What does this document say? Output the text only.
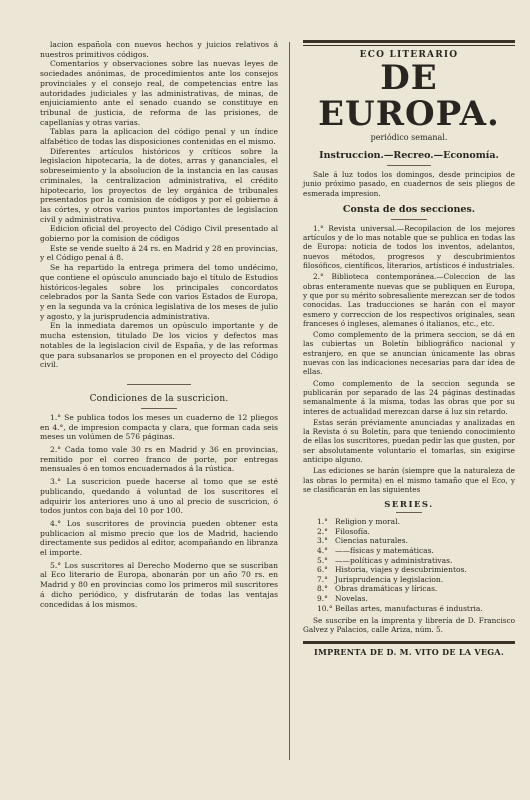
lacion española con nuevos hechos y juicios relativos á nuestros primitivos códigos.

Comentarios y observaciones sobre las nuevas leyes de sociedades anónimas, de procedimientos ante los consejos provinciales y el consejo real, de competencias entre las autoridades judiciales y las administrativas, de minas, de enjuiciamiento ante el senado cuando se constituye en tribunal de justicia, de reforma de las prisiones, de capellanías y otras varias.

Tablas para la aplicacion del código penal y un índice alfabético de todas las disposiciones contenidas en el mismo.

Diferentes artículos históricos y críticos sobre la legislacion hipotecaria, la de dotes, arras y gananciales, el sobreseimiento y la absolucion de la instancia en las causas criminales, la centralizacion administrativa, el crédito hipotecario, los proyectos de ley orgánica de tribunales presentados por la comision de códigos y por el gobierno á las córtes, y otros varios puntos importantes de legislacion civil y administrativa.

Edicion oficial del proyecto del Código Civil presentado al gobierno por la comision de códigos

Este se vende suelto á 24 rs. en Madrid y 28 en provincias, y el Código penal á 8.

Se ha repartido la entrega primera del tomo undécimo, que contiene el opúsculo anunciado bajo el título de Estudios históricos-legales sobre los principales concordatos celebrados por la Santa Sede con varios Estados de Europa, y en la segunda va la crónica legislativa de los meses de julio y agosto, y la jurisprudencia administrativa.

En la inmediata daremos un opúsculo importante y de mucha estension, titulado De los vicios y defectos mas notables de la legislacion civil de España, y de las reformas que para subsanarlos se proponen en el proyecto del Código civil.

Condiciones de la suscricion.

1.° Se publica todos los meses un cuaderno de 12 pliegos en 4.°, de impresion compacta y clara, que forman cada seis meses un volúmen de 576 páginas.

2.° Cada tomo vale 30 rs en Madrid y 36 en provincias, remitido por el correo franco de porte, por entregas mensuales ó en tomos encuadernados á la rústica.

3.° La suscricion puede hacerse al tomo que se esté publicando, quedando á voluntad de los suscritores el adquirir los anteriores uno á uno al precio de suscricion, ó todos juntos con baja del 10 por 100.

4.° Los suscritores de provincia pueden obtener esta publicacion al mismo precio que los de Madrid, haciendo directamente sus pedidos al editor, acompañando en libranza el importe.

5.° Los suscritores al Derecho Moderno que se suscriban al Eco literario de Europa, abonarán por un año 70 rs. en Madrid y 80 en provincias como los primeros mil suscritores á dicho periódico, y disfrutarán de todas las ventajas concedidas á los mismos.

ECO LITERARIO
DE EUROPA.
periódico semanal.
Instruccion.—Recreo.—Economía.

Sale á luz todos los domingos, desde principios de junio próximo pasado, en cuadernos de seis pliegos de esmerada impresion.

Consta de dos secciones.

1.° Revista universal.—Recopilacion de los mejores artículos y de lo mas notable que se publica en todas las de Europa: noticia de todos los inventos, adelantos, nuevos métodos, progresos y descubrimientos filosóficos, científicos, literarios, artísticos é industriales.

2.° Biblioteca contemporánea.—Coleccion de las obras enteramente nuevas que se publiquen en Europa, y que por su mérito sobresaliente merezcan ser de todos conocidas. Las traducciones se harán con el mayor esmero y correccion de los respectivos originales, sean franceses ó ingleses, alemanes ó italianos, etc., etc.

Como complemento de la primera seccion, se dá en las cubiertas un Boletín bibliográfico nacional y estranjero, en que se anuncian únicamente las obras nuevas con las indicaciones necesarias para dar idea de ellas.

Como complemento de la seccion segunda se publicarán por separado de las 24 páginas destinadas semanalmente á la misma, todas las obras que por su interes de actualidad merezcan darse á luz sin retardo.

Estas serán préviamente anunciadas y analizadas en la Revista ó su Boletín, para que teniendo conocimiento de ellas los suscritores, puedan pedir las que gusten, por ser absolutamente voluntario el tomarlas, sin exigirse anticipo alguno.

Las ediciones se harán (siempre que la naturaleza de las obras lo permita) en el mismo tamaño que el Eco, y se clasificarán en las siguientes

SERIES.
1.° Religion y moral.
2.° Filosofía.
3.° Ciencias naturales.
4.° ——físicas y matemáticas.
5.° ——políticas y administrativas.
6.° Historia, viajes y descubrimientos.
7.° Jurisprudencia y legislacion.
8.° Obras dramáticas y líricas.
9.° Novelas.
10.° Bellas artes, manufacturas é industria.

Se suscribe en la imprenta y librería de D. Francisco Galvez y Palacios, calle Ariza, núm. 5.

IMPRENTA DE D. M. VITO DE LA VEGA.
